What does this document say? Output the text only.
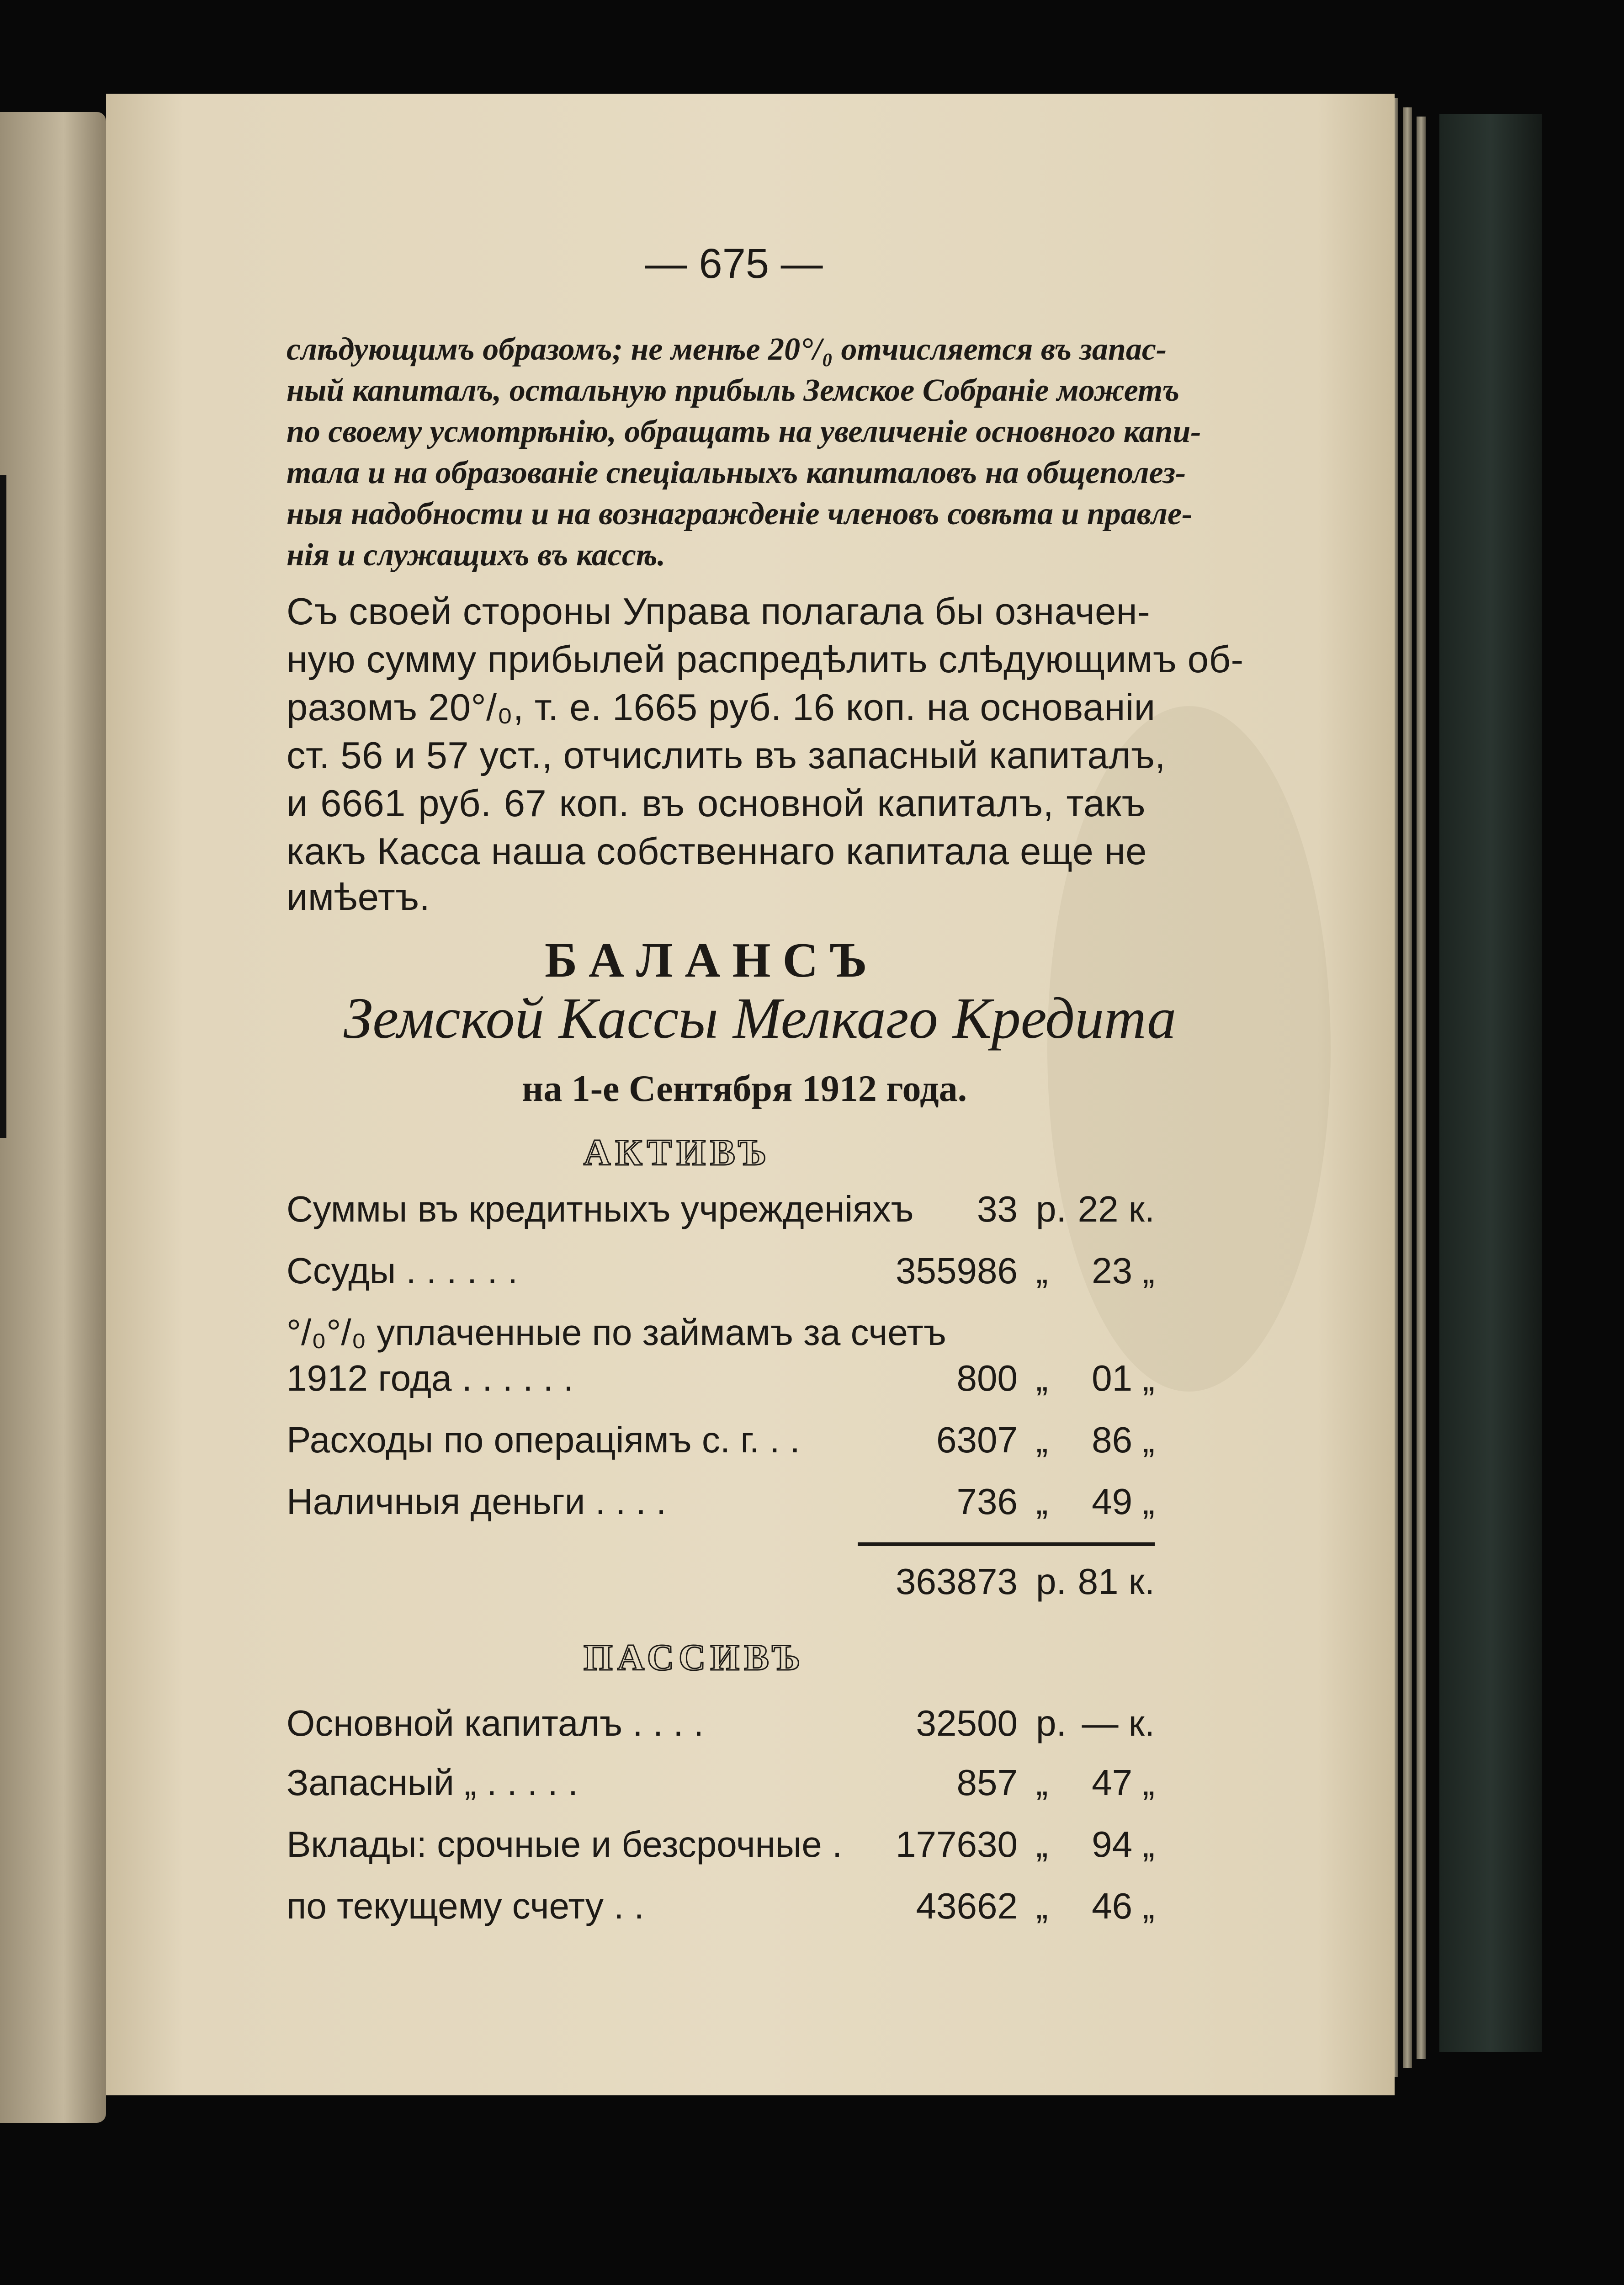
— 675 —
слѣдующимъ образомъ; не менѣе 20°/₀ отчисляется въ запас-
ный капиталъ, остальную прибыль Земское Собраніе можетъ
по своему усмотрѣнію, обращать на увеличеніе основного капи-
тала и на образованіе спеціальныхъ капиталовъ на общеполез-
ныя надобности и на вознагражденіе членовъ совѣта и правле-
нія и служащихъ въ кассѣ.
Съ своей стороны Управа полагала бы означен-
ную сумму прибылей распредѣлить слѣдующимъ об-
разомъ 20°/₀, т. е. 1665 руб. 16 коп. на основаніи
ст. 56 и 57 уст., отчислить въ запасный капиталъ,
и 6661 руб. 67 коп. въ основной капиталъ, такъ
какъ Касса наша собственнаго капитала еще не
имѣетъ.
БАЛАНСЪ
Земской Кассы Мелкаго Кредита
на 1-е Сентября 1912 года.
АКТИВЪ
Суммы въ кредитныхъ учрежденіяхъ 33 р. 22 к.
Ссуды . . . . . .	355986 „ 23 „
°/₀°/₀ уплаченные по займамъ за счетъ
1912 года . . . . . .	800 „ 01 „
Расходы по операціямъ с. г. . .	6307 „ 86 „
Наличныя деньги . . . .	736 „ 49 „
363873 р. 81 к.
ПАССИВЪ
Основной капиталъ . . . .	32500 р. — к.
Запасный „ . . . . .	857 „ 47 „
Вклады: срочные и безсрочные . 177630 „ 94 „
по текущему счету . .	43662 „ 46 „
